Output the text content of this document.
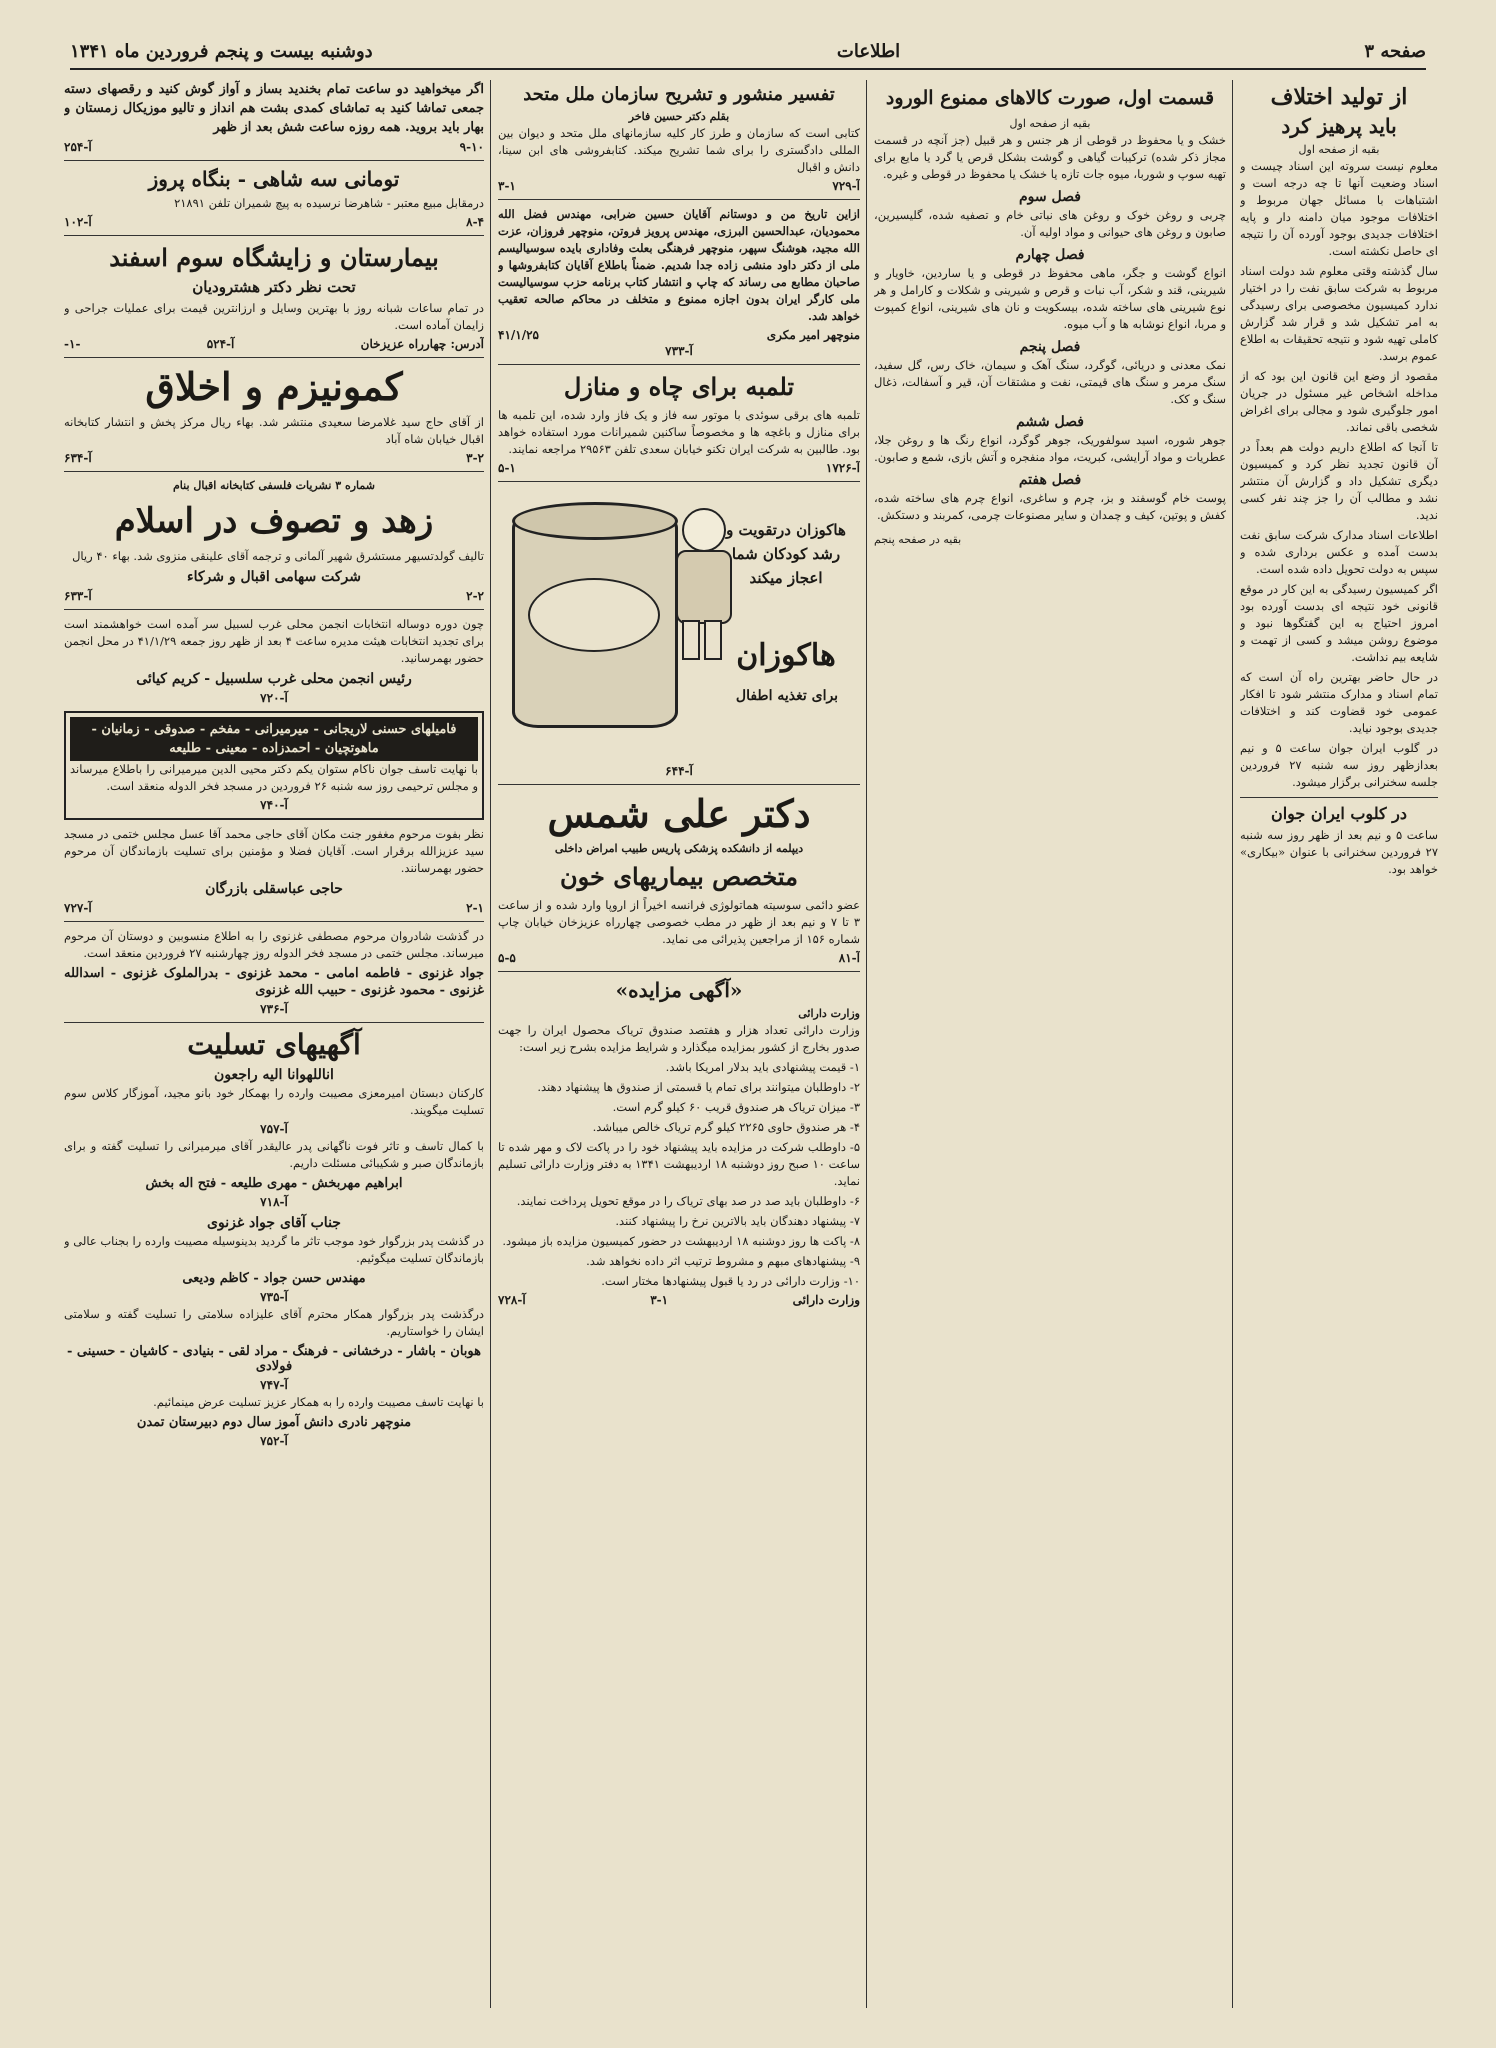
صفحه ۳
اطلاعات
دوشنبه بیست و پنجم فروردین ماه ۱۳۴۱
از تولید اختلاف
باید پرهیز کرد
بقیه از صفحه اول

معلوم نیست سروته این اسناد چیست و اسناد وضعیت آنها تا چه درجه است و اشتباهات با مسائل جهان مربوط و اختلافات موجود میان دامنه دار و پایه اختلافات جدیدی بوجود آورده آن را نتیجه ای حاصل نکشته است.

سال گذشته وقتی معلوم شد دولت اسناد مربوط به شرکت سابق نفت را در اختیار ندارد کمیسیون مخصوصی برای رسیدگی به امر تشکیل شد و قرار شد گزارش کاملی تهیه شود و نتیجه تحقیقات به اطلاع عموم برسد.

مقصود از وضع این قانون این بود که از مداخله اشخاص غیر مسئول در جریان امور جلوگیری شود و مجالی برای اغراض شخصی باقی نماند.

تا آنجا که اطلاع داریم دولت هم بعداً در آن قانون تجدید نظر کرد و کمیسیون دیگری تشکیل داد و گزارش آن منتشر نشد و مطالب آن را جز چند نفر کسی ندید.

اطلاعات اسناد مدارک شرکت سابق نفت بدست آمده و عکس برداری شده و سپس به دولت تحویل داده شده است.

اگر کمیسیون رسیدگی به این کار در موقع قانونی خود نتیجه ای بدست آورده بود امروز احتیاج به این گفتگوها نبود و موضوع روشن میشد و کسی از تهمت و شایعه بیم نداشت.

در حال حاضر بهترین راه آن است که تمام اسناد و مدارک منتشر شود تا افکار عمومی خود قضاوت کند و اختلافات جدیدی بوجود نیاید.

در گلوب ایران جوان ساعت ۵ و نیم بعدازظهر روز سه شنبه ۲۷ فروردین جلسه سخنرانی برگزار میشود.

در کلوب ایران جوان

ساعت ۵ و نیم بعد از ظهر روز سه شنبه ۲۷ فروردین سخنرانی با عنوان «بیکاری» خواهد بود.

قسمت اول، صورت کالاهای ممنوع الورود
بقیه از صفحه اول

خشک و یا محفوظ در قوطی از هر جنس و هر قبیل (جز آنچه در قسمت مجاز ذکر شده) ترکیبات گیاهی و گوشت بشکل قرص یا گرد یا مایع برای تهیه سوپ و شوربا، میوه جات تازه یا خشک یا محفوظ در قوطی و غیره.

فصل سوم

چربی و روغن خوک و روغن های نباتی خام و تصفیه شده، گلیسیرین، صابون و روغن های حیوانی و مواد اولیه آن.

فصل چهارم

انواع گوشت و جگر، ماهی محفوظ در قوطی و یا ساردین، خاویار و شیرینی، قند و شکر، آب نبات و قرص و شیرینی و شکلات و کارامل و هر نوع شیرینی های ساخته شده، بیسکویت و نان های شیرینی، انواع کمپوت و مربا، انواع نوشابه ها و آب میوه.

فصل پنجم

نمک معدنی و دریائی، گوگرد، سنگ آهک و سیمان، خاک رس، گل سفید، سنگ مرمر و سنگ های قیمتی، نفت و مشتقات آن، قیر و آسفالت، ذغال سنگ و کک.

فصل ششم

جوهر شوره، اسید سولفوریک، جوهر گوگرد، انواع رنگ ها و روغن جلا، عطریات و مواد آرایشی، کبریت، مواد منفجره و آتش بازی، شمع و صابون.

فصل هفتم

پوست خام گوسفند و بز، چرم و ساغری، انواع چرم های ساخته شده، کفش و پوتین، کیف و چمدان و سایر مصنوعات چرمی، کمربند و دستکش.

بقیه در صفحه پنجم
تفسیر منشور و تشریح سازمان ملل متحد
بقلم دکتر حسین فاخر

کتابی است که سازمان و طرز کار کلیه سازمانهای ملل متحد و دیوان بین المللی دادگستری را برای شما تشریح میکند. کتابفروشی های ابن سینا، دانش و اقبال

آ-۷۲۹
۳-۱

ازاین تاریخ من و دوستانم آقایان حسین ضرابی، مهندس فضل الله محمودیان، عبدالحسین البرزی، مهندس پرویز فروتن، منوچهر فروزان، عزت الله مجید، هوشنگ سپهر، منوچهر فرهنگی بعلت وفاداری بایده سوسیالیسم ملی از دکتر داود منشی زاده جدا شدیم. ضمناً باطلاع آقایان کتابفروشها و صاحبان مطابع می رساند که چاپ و انتشار کتاب برنامه حزب سوسیالیست ملی کارگر ایران بدون اجازه ممنوع و متخلف در محاکم صالحه تعقیب خواهد شد.

منوچهر امیر مکری
۴۱/۱/۲۵
آ-۷۳۳
تلمبه برای چاه و منازل

تلمبه های برقی سوئدی با موتور سه فاز و یک فاز وارد شده، این تلمبه ها برای منازل و باغچه ها و مخصوصاً ساکنین شمیرانات مورد استفاده خواهد بود. طالبین به شرکت ایران تکنو خیابان سعدی تلفن ۲۹۵۶۳ مراجعه نمایند.

آ-۱۷۲۶
۵-۱
هاکوزان درتقویت و رشد کودکان شما اعجاز میکند
هاکوزان
برای تغذیه اطفال
آ-۶۴۴
دکتر علی شمس
دیپلمه از دانشکده پزشکی پاریس طبیب امراض داخلی
متخصص بیماریهای خون

عضو دائمی سوسیته هماتولوژی فرانسه اخیراً از اروپا وارد شده و از ساعت ۳ تا ۷ و نیم بعد از ظهر در مطب خصوصی چهارراه عزیزخان خیابان چاپ شماره ۱۵۶ از مراجعین پذیرائی می نماید.

آ-۸۱
۵-۵
«آگهی مزایده»
وزارت دارائی

وزارت دارائی تعداد هزار و هفتصد صندوق تریاک محصول ایران را جهت صدور بخارج از کشور بمزایده میگذارد و شرایط مزایده بشرح زیر است:

۱- قیمت پیشنهادی باید بدلار امریکا باشد.

۲- داوطلبان میتوانند برای تمام یا قسمتی از صندوق ها پیشنهاد دهند.

۳- میزان تریاک هر صندوق قریب ۶۰ کیلو گرم است.

۴- هر صندوق حاوی ۲۲۶۵ کیلو گرم تریاک خالص میباشد.

۵- داوطلب شرکت در مزایده باید پیشنهاد خود را در پاکت لاک و مهر شده تا ساعت ۱۰ صبح روز دوشنبه ۱۸ اردیبهشت ۱۳۴۱ به دفتر وزارت دارائی تسلیم نماید.

۶- داوطلبان باید صد در صد بهای تریاک را در موقع تحویل پرداخت نمایند.

۷- پیشنهاد دهندگان باید بالاترین نرخ را پیشنهاد کنند.

۸- پاکت ها روز دوشنبه ۱۸ اردیبهشت در حضور کمیسیون مزایده باز میشود.

۹- پیشنهادهای مبهم و مشروط ترتیب اثر داده نخواهد شد.

۱۰- وزارت دارائی در رد یا قبول پیشنهادها مختار است.

وزارت دارائی
۳-۱
آ-۷۲۸

اگر میخواهید دو ساعت تمام بخندید بساز و آواز گوش کنید و رقصهای دسته جمعی تماشا کنید به تماشای کمدی بشت هم انداز و تالیو موزیکال زمستان و بهار باید بروید. همه روزه ساعت شش بعد از ظهر

۹-۱۰
آ-۲۵۴
تومانی سه شاهی - بنگاه پروز

درمقابل مبیع معتبر - شاهرضا نرسیده به پیچ شمیران تلفن ۲۱۸۹۱

۸-۴
آ-۱۰۲
بیمارستان و زایشگاه سوم اسفند
تحت نظر دکتر هشترودیان

در تمام ساعات شبانه روز با بهترین وسایل و ارزانترین قیمت برای عملیات جراحی و زایمان آماده است.

آدرس: چهارراه عزیزخان
آ-۵۲۴
-۱-
کمونیزم و اخلاق

از آقای حاج سید غلامرضا سعیدی منتشر شد. بهاء ریال مرکز پخش و انتشار کتابخانه اقبال خیابان شاه آباد

۳-۲
آ-۶۳۴
شماره ۳ نشریات فلسفی کتابخانه اقبال بنام
زهد و تصوف در اسلام

تالیف گولدتسیهر مستشرق شهیر آلمانی و ترجمه آقای علینقی منزوی شد. بهاء ۴۰ ریال

شرکت سهامی اقبال و شرکاء
۲-۲
آ-۶۳۳

چون دوره دوساله انتخابات انجمن محلی غرب لسبیل سر آمده است خواهشمند است برای تجدید انتخابات هیئت مدیره ساعت ۴ بعد از ظهر روز جمعه ۴۱/۱/۲۹ در محل انجمن حضور بهمرسانید.

رئیس انجمن محلی غرب سلسبیل - کریم کیائی
آ-۷۲۰
فامیلهای حسنی لاریجانی - میرمیرانی - مفخم - صدوقی - زمانیان - ماهوتچیان - احمدزاده - معینی - طلیعه

با نهایت تاسف جوان ناکام ستوان یکم دکتر محیی الدین میرمیرانی را باطلاع میرساند و مجلس ترحیمی روز سه شنبه ۲۶ فروردین در مسجد فخر الدوله منعقد است.

آ-۷۴۰

نظر بفوت مرحوم مغفور جنت مکان آقای حاجی محمد آقا عسل مجلس ختمی در مسجد سید عزیزالله برقرار است. آقایان فضلا و مؤمنین برای تسلیت بازماندگان آن مرحوم حضور بهمرسانند.

حاجی عباسقلی بازرگان
۲-۱
آ-۷۲۷

در گذشت شادروان مرحوم مصطفی غزنوی را به اطلاع منسوبین و دوستان آن مرحوم میرساند. مجلس ختمی در مسجد فخر الدوله روز چهارشنبه ۲۷ فروردین منعقد است.

جواد غزنوی - فاطمه امامی - محمد غزنوی - بدرالملوک غزنوی - اسدالله غزنوی - محمود غزنوی - حبیب الله غزنوی

آ-۷۳۶
آگهیهای تسلیت
اناللهوانا الیه راجعون

کارکنان دبستان امیرمعزی مصیبت وارده را بهمکار خود بانو مجید، آموزگار کلاس سوم تسلیت میگویند.

آ-۷۵۷

با کمال تاسف و تاثر فوت ناگهانی پدر عالیقدر آقای میرمیرانی را تسلیت گفته و برای بازماندگان صبر و شکیبائی مسئلت داریم.

ابراهیم مهربخش - مهری طلیعه - فتح اله بخش
آ-۷۱۸
جناب آقای جواد غزنوی

در گذشت پدر بزرگوار خود موجب تاثر ما گردید بدینوسیله مصیبت وارده را بجناب عالی و بازماندگان تسلیت میگوئیم.

مهندس حسن جواد - کاظم ودیعی
آ-۷۳۵

درگذشت پدر بزرگوار همکار محترم آقای علیزاده سلامتی را تسلیت گفته و سلامتی ایشان را خواستاریم.

هوبان - باشار - درخشانی - فرهنگ - مراد لقی - بنیادی - کاشیان - حسینی - فولادی
آ-۷۴۷

با نهایت تاسف مصیبت وارده را به همکار عزیز تسلیت عرض مینمائیم.

منوچهر نادری دانش آموز سال دوم دبیرستان تمدن
آ-۷۵۲
